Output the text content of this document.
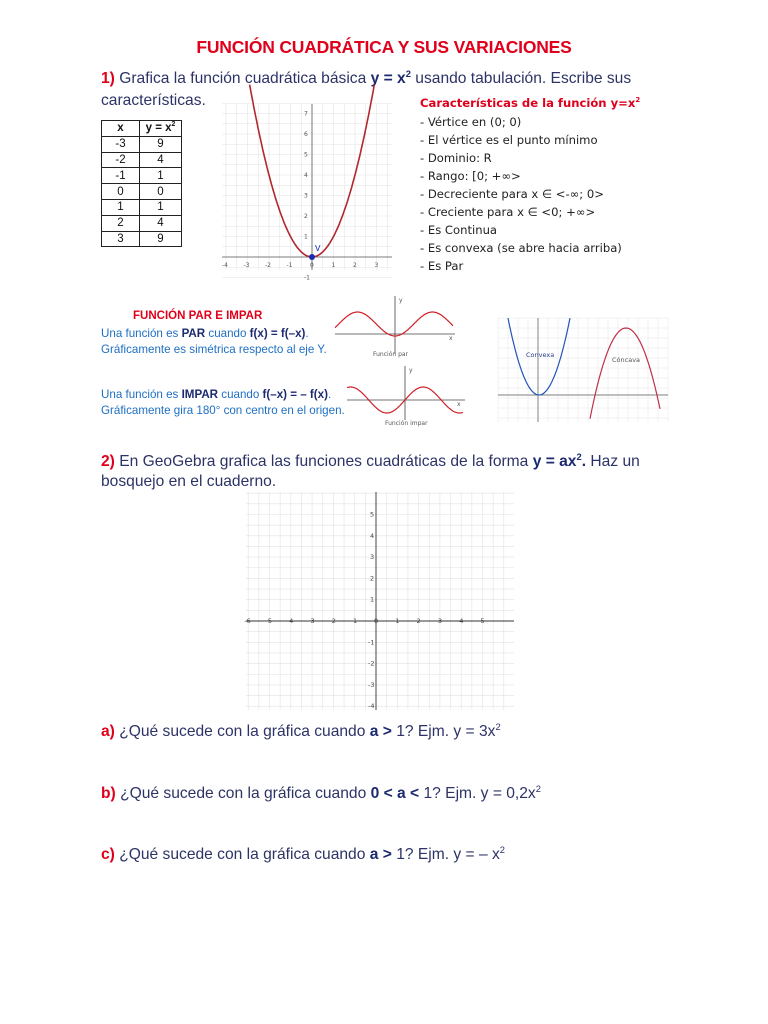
FUNCIÓN CUADRÁTICA Y SUS VARIACIONES
1) Grafica la función cuadrática básica $y = x^2$ usando tabulación. Escribe sus características.
x	$y = x^2$
-3	9
-2	4
-1	1
0	0
1	1
2	4
3	9
-4	-3	-2	-1	0	1	2	3
-1
1
2
3
4
5
6
7
V
Características de la función $y=x^2$
- Vértice en (0; 0)
- El vértice es el punto mínimo
- Dominio: R
- Rango: [0; +∞>
- Decreciente para x ∈ <-∞; 0>
- Creciente para x ∈ <0; +∞>
- Es Continua
- Es convexa (se abre hacia arriba)
- Es Par
FUNCIÓN PAR E IMPAR
Una función es PAR cuando f(x) = f(–x).
Gráficamente es simétrica respecto al eje Y.
Una función es IMPAR cuando f(–x) = – f(x).
Gráficamente gira 180° con centro en el origen.
y
x
Función par
y
x
Función impar
Convexa
Cóncava
2) En GeoGebra grafica las funciones cuadráticas de la forma $y = ax^2$. Haz un bosquejo en el cuaderno.
-6 -5 -4 -3 -2 -1	0	1	2	3	4	5
5
4
3
2
1
-1
-2
-3
-4
a) ¿Qué sucede con la gráfica cuando a > 1? Ejm. $y = 3x^2$
b) ¿Qué sucede con la gráfica cuando 0 < a < 1? Ejm. $y = 0,2x^2$
c) ¿Qué sucede con la gráfica cuando a > 1? Ejm. y = – $x^2$
